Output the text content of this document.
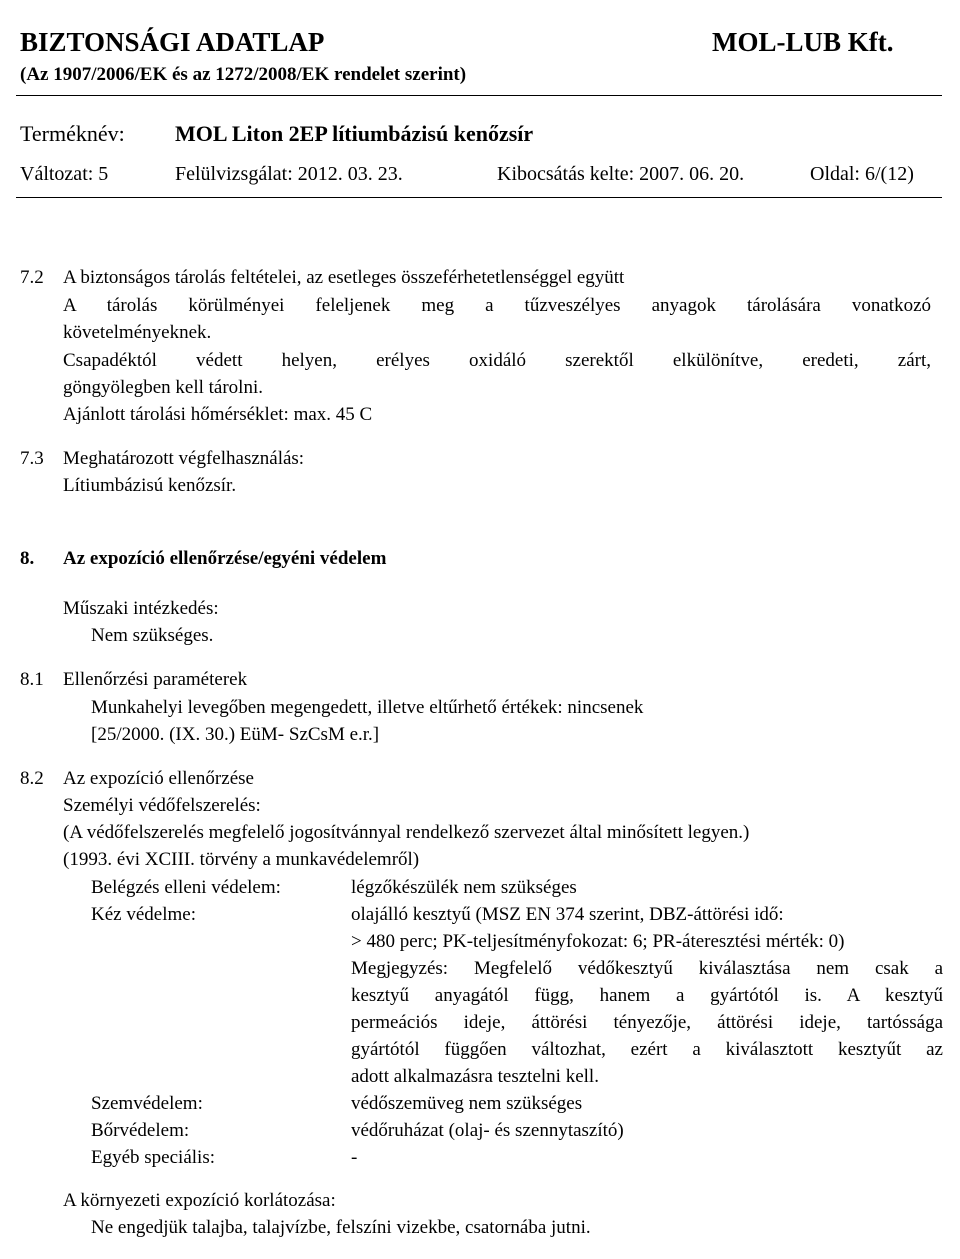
BIZTONSÁGI ADATLAP	MOL-LUB Kft.
(Az 1907/2006/EK és az 1272/2008/EK rendelet szerint)
Terméknév: MOL Liton 2EP lítiumbázisú kenőzsír
Változat: 5	Felülvizsgálat: 2012. 03. 23.	Kibocsátás kelte: 2007. 06. 20.	Oldal: 6/(12)
7.2 A biztonságos tárolás feltételei, az esetleges összeférhetetlenséggel együtt
A tárolás körülményei feleljenek meg a tűzveszélyes anyagok tárolására vonatkozó
követelményeknek.
Csapadéktól védett helyen, erélyes oxidáló szerektől elkülönítve, eredeti, zárt,
göngyölegben kell tárolni.
Ajánlott tárolási hőmérséklet: max. 45 C
7.3 Meghatározott végfelhasználás:
Lítiumbázisú kenőzsír.
8. Az expozíció ellenőrzése/egyéni védelem
Műszaki intézkedés:
Nem szükséges.
8.1 Ellenőrzési paraméterek
Munkahelyi levegőben megengedett, illetve eltűrhető értékek: nincsenek
[25/2000. (IX. 30.) EüM- SzCsM e.r.]
8.2 Az expozíció ellenőrzése
Személyi védőfelszerelés:
(A védőfelszerelés megfelelő jogosítvánnyal rendelkező szervezet által minősített legyen.)
(1993. évi XCIII. törvény a munkavédelemről)
Belégzés elleni védelem:	légzőkészülék nem szükséges
Kéz védelme:	olajálló kesztyű (MSZ EN 374 szerint, DBZ-áttörési idő:
> 480 perc; PK-teljesítményfokozat: 6; PR-áteresztési mérték: 0)
Megjegyzés: Megfelelő védőkesztyű kiválasztása nem csak a
kesztyű anyagától függ, hanem a gyártótól is. A kesztyű
permeációs ideje, áttörési tényezője, áttörési ideje, tartóssága
gyártótól függően változhat, ezért a kiválasztott kesztyűt az
adott alkalmazásra tesztelni kell.
Szemvédelem:	védőszemüveg nem szükséges
Bőrvédelem:	védőruházat (olaj- és szennytaszító)
Egyéb speciális:	-
A környezeti expozíció korlátozása:
Ne engedjük talajba, talajvízbe, felszíni vizekbe, csatornába jutni.
